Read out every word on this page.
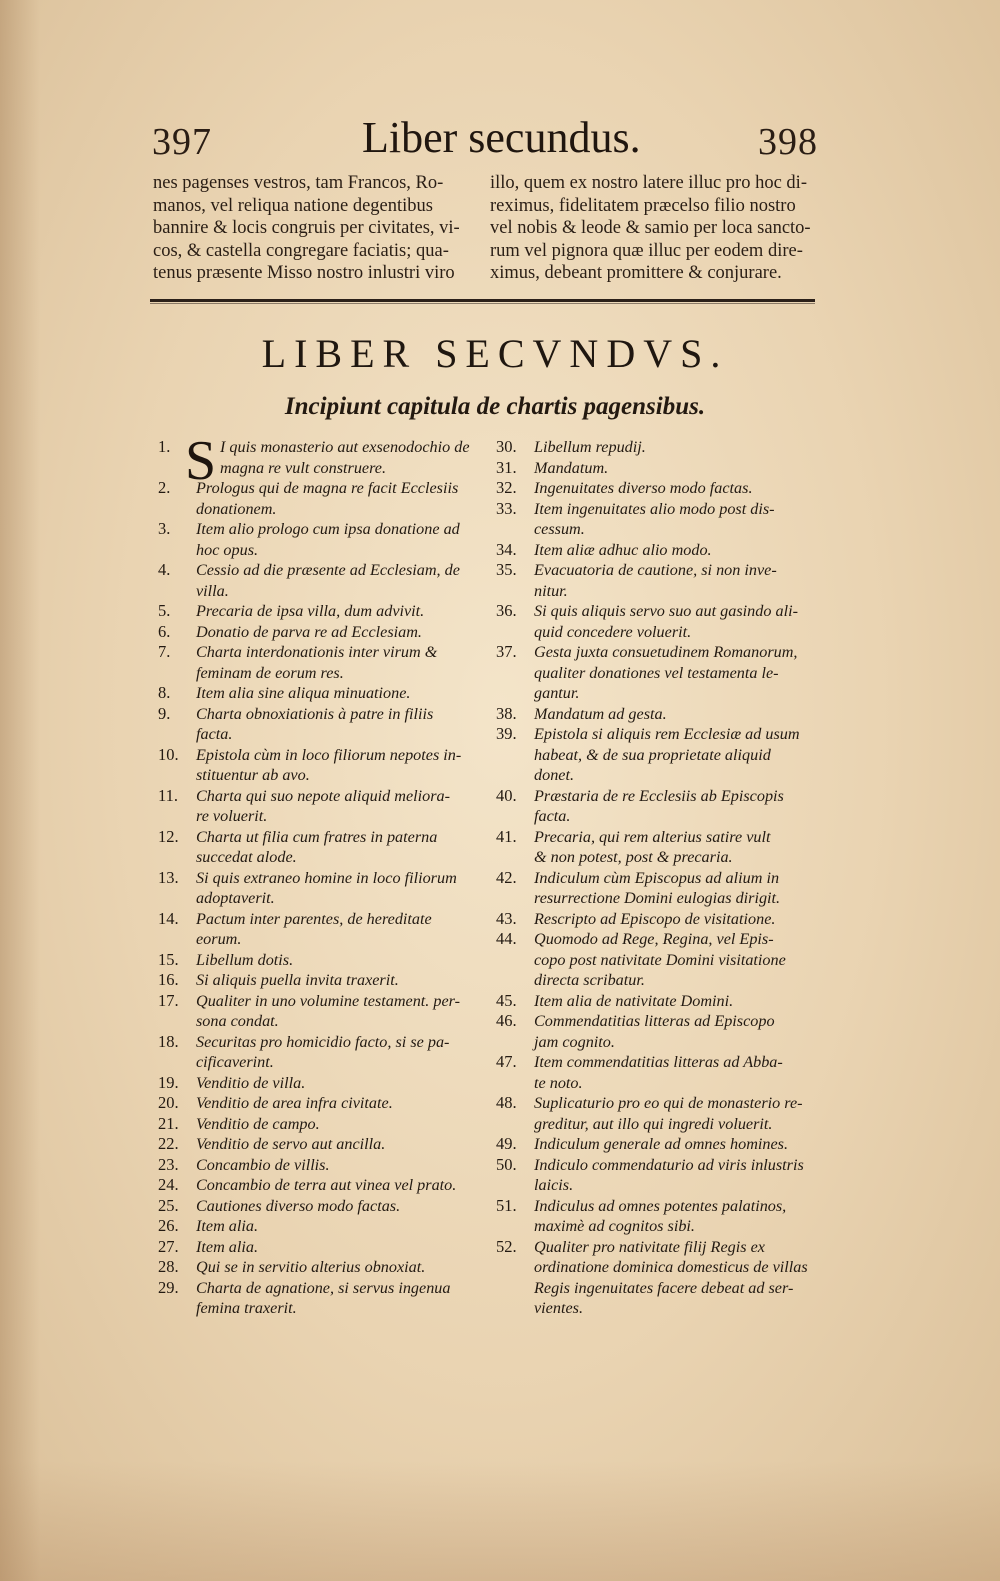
397	Liber secundus.	398
nes pagenses vestros, tam Francos, Ro-
manos, vel reliqua natione degentibus
bannire & locis congruis per civitates, vi-
cos, & castella congregare faciatis; qua-
tenus præsente Misso nostro inlustri viro
illo, quem ex nostro latere illuc pro hoc di-
reximus, fidelitatem præcelso filio nostro
vel nobis & leode & samio per loca sancto-
rum vel pignora quæ illuc per eodem dire-
ximus, debeant promittere & conjurare.
LIBER SECVNDVS.
Incipiunt capitula de chartis pagensibus.
1. S I quis monasterio aut exsenodochio de
magna re vult construere.
2.	Prologus qui de magna re facit Ecclesiis
donationem.
3.	Item alio prologo cum ipsa donatione ad
hoc opus.
4.	Cessio ad die præsente ad Ecclesiam, de
villa.
5.	Precaria de ipsa villa, dum advivit.
6.	Donatio de parva re ad Ecclesiam.
7.	Charta interdonationis inter virum &
feminam de eorum res.
8.	Item alia sine aliqua minuatione.
9.	Charta obnoxiationis à patre in filiis
facta.
10.	Epistola cùm in loco filiorum nepotes in-
stituentur ab avo.
11.	Charta qui suo nepote aliquid meliora-
re voluerit.
12.	Charta ut filia cum fratres in paterna
succedat alode.
13.	Si quis extraneo homine in loco filiorum
adoptaverit.
14.	Pactum inter parentes, de hereditate
eorum.
15.	Libellum dotis.
16.	Si aliquis puella invita traxerit.
17.	Qualiter in uno volumine testament. per-
sona condat.
18.	Securitas pro homicidio facto, si se pa-
cificaverint.
19.	Venditio de villa.
20.	Venditio de area infra civitate.
21.	Venditio de campo.
22.	Venditio de servo aut ancilla.
23.	Concambio de villis.
24.	Concambio de terra aut vinea vel prato.
25.	Cautiones diverso modo factas.
26.	Item alia.
27.	Item alia.
28.	Qui se in servitio alterius obnoxiat.
29.	Charta de agnatione, si servus ingenua
femina traxerit.
30.	Libellum repudij.
31.	Mandatum.
32.	Ingenuitates diverso modo factas.
33.	Item ingenuitates alio modo post dis-
cessum.
34.	Item aliæ adhuc alio modo.
35.	Evacuatoria de cautione, si non inve-
nitur.
36.	Si quis aliquis servo suo aut gasindo ali-
quid concedere voluerit.
37.	Gesta juxta consuetudinem Romanorum,
qualiter donationes vel testamenta le-
gantur.
38.	Mandatum ad gesta.
39.	Epistola si aliquis rem Ecclesiæ ad usum
habeat, & de sua proprietate aliquid
donet.
40.	Præstaria de re Ecclesiis ab Episcopis
facta.
41.	Precaria, qui rem alterius satire vult
& non potest, post & precaria.
42.	Indiculum cùm Episcopus ad alium in
resurrectione Domini eulogias dirigit.
43.	Rescripto ad Episcopo de visitatione.
44.	Quomodo ad Rege, Regina, vel Epis-
copo post nativitate Domini visitatione
directa scribatur.
45.	Item alia de nativitate Domini.
46.	Commendatitias litteras ad Episcopo
jam cognito.
47.	Item commendatitias litteras ad Abba-
te noto.
48.	Suplicaturio pro eo qui de monasterio re-
greditur, aut illo qui ingredi voluerit.
49.	Indiculum generale ad omnes homines.
50.	Indiculo commendaturio ad viris inlustris
laicis.
51.	Indiculus ad omnes potentes palatinos,
maximè ad cognitos sibi.
52.	Qualiter pro nativitate filij Regis ex
ordinatione dominica domesticus de villas
Regis ingenuitates facere debeat ad ser-
vientes.
